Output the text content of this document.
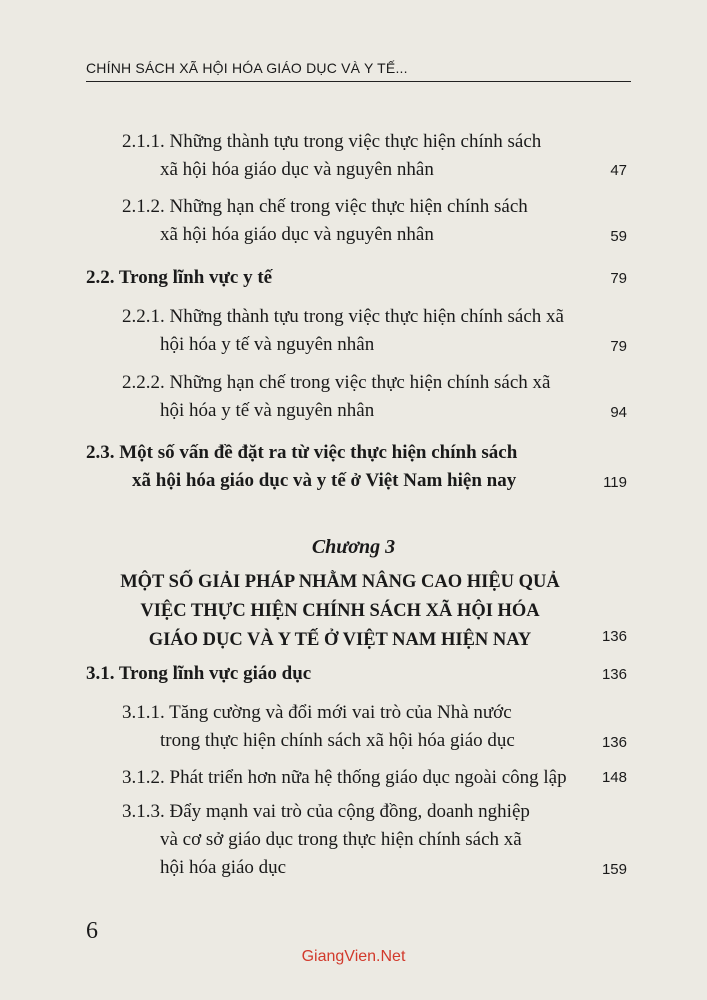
CHÍNH SÁCH XÃ HỘI HÓA GIÁO DỤC VÀ Y TẾ...
2.1.1. Những thành tựu trong việc thực hiện chính sách
xã hội hóa giáo dục và nguyên nhân	47
2.1.2. Những hạn chế trong việc thực hiện chính sách
xã hội hóa giáo dục và nguyên nhân	59
2.2. Trong lĩnh vực y tế	79
2.2.1. Những thành tựu trong việc thực hiện chính sách xã
hội hóa y tế và nguyên nhân	79
2.2.2. Những hạn chế trong việc thực hiện chính sách xã
hội hóa y tế và nguyên nhân	94
2.3. Một số vấn đề đặt ra từ việc thực hiện chính sách
xã hội hóa giáo dục và y tế ở Việt Nam hiện nay	119
Chương 3
MỘT SỐ GIẢI PHÁP NHẰM NÂNG CAO HIỆU QUẢ
VIỆC THỰC HIỆN CHÍNH SÁCH XÃ HỘI HÓA
GIÁO DỤC VÀ Y TẾ Ở VIỆT NAM HIỆN NAY	136
3.1. Trong lĩnh vực giáo dục	136
3.1.1. Tăng cường và đổi mới vai trò của Nhà nước
trong thực hiện chính sách xã hội hóa giáo dục	136
3.1.2. Phát triển hơn nữa hệ thống giáo dục ngoài công lập	148
3.1.3. Đẩy mạnh vai trò của cộng đồng, doanh nghiệp
và cơ sở giáo dục trong thực hiện chính sách xã
hội hóa giáo dục	159
6
GiangVien.Net
